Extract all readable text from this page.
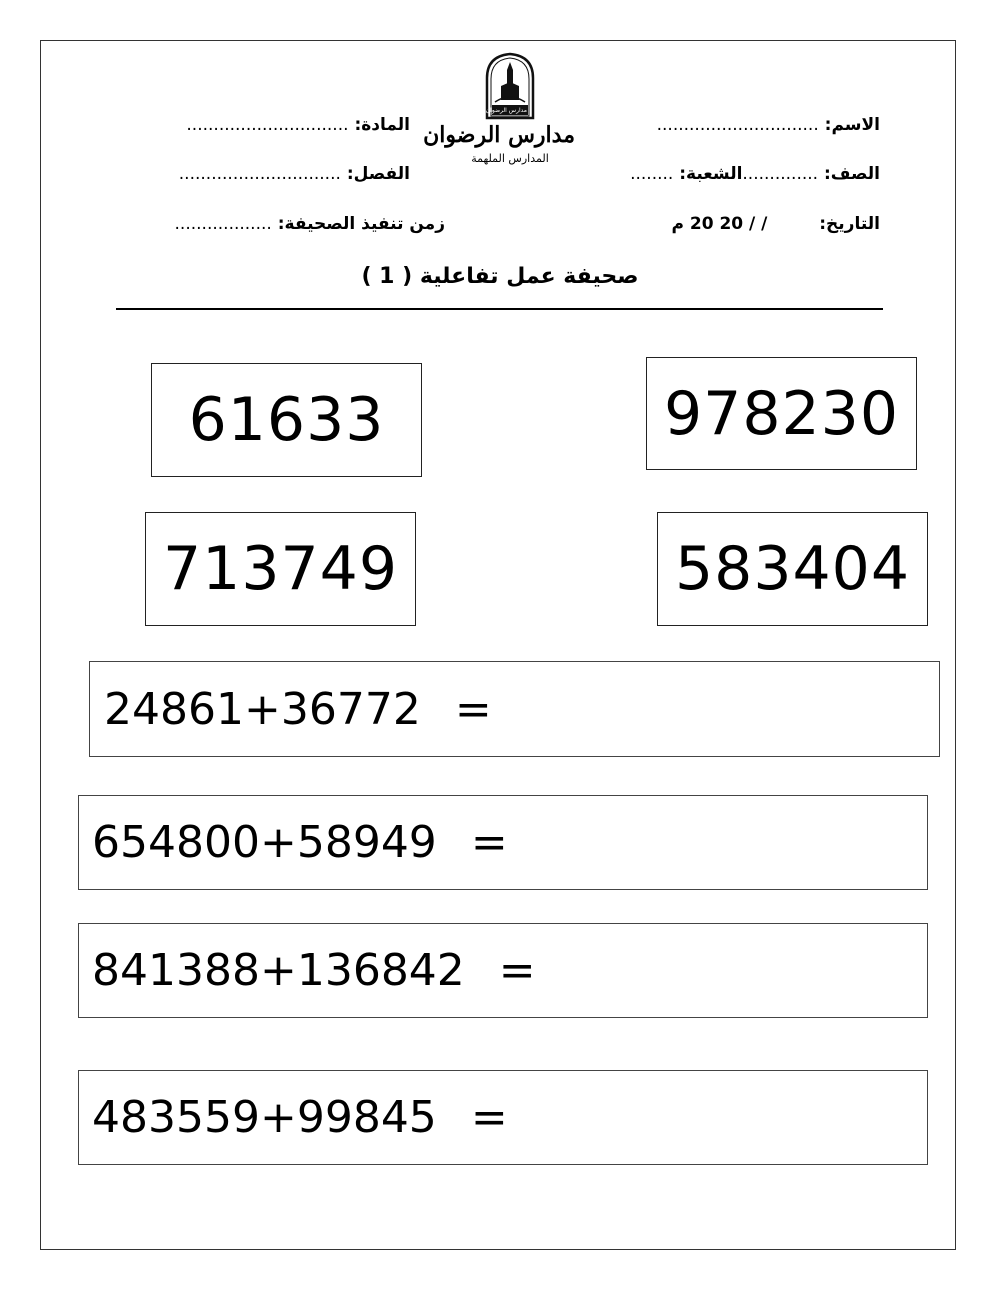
الاسم: ..............................
المادة: ..............................
الصف: ..............الشعبة: ........
الفصل: ..............................
التاريخ:  / / 20 20 م
زمن تنفيذ الصحيفة: ..................
مدارس الرضوان
مدارس الرضوان
المدارس الملهمة
صحيفة عمل تفاعلية ( 1 )
61633	978230
713749	583404
24861+36772 =
654800+58949 =
841388+136842 =
483559+99845 =
